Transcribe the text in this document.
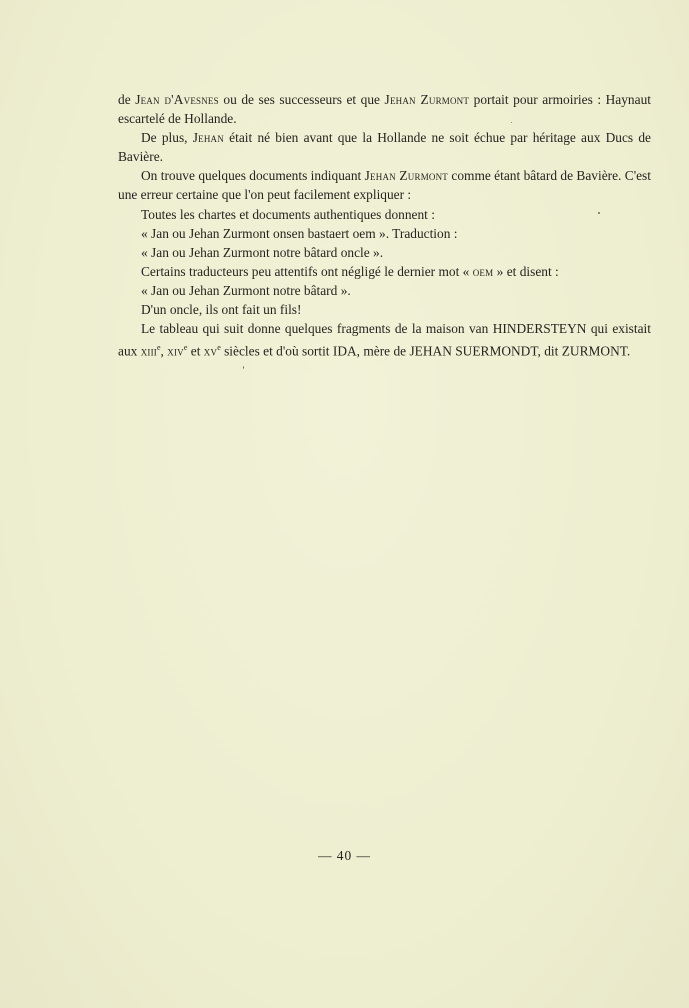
de Jean d'Avesnes ou de ses successeurs et que Jehan Zurmont portait pour armoiries : Haynaut escartelé de Hollande.

De plus, Jehan était né bien avant que la Hollande ne soit échue par héritage aux Ducs de Bavière.

On trouve quelques documents indiquant Jehan Zurmont comme étant bâtard de Bavière. C'est une erreur certaine que l'on peut facilement expliquer :

Toutes les chartes et documents authentiques donnent :

« Jan ou Jehan Zurmont onsen bastaert oem ». Traduction :

« Jan ou Jehan Zurmont notre bâtard oncle ».

Certains traducteurs peu attentifs ont négligé le dernier mot « oem » et disent :

« Jan ou Jehan Zurmont notre bâtard ».

D'un oncle, ils ont fait un fils!

Le tableau qui suit donne quelques fragments de la maison van HINDERSTEYN qui existait aux xiii$^e$, xiv$^e$ et $xv^e$ siècles et d'où sortit IDA, mère de JEHAN SUERMONDT, dit ZURMONT.

— 40 —
